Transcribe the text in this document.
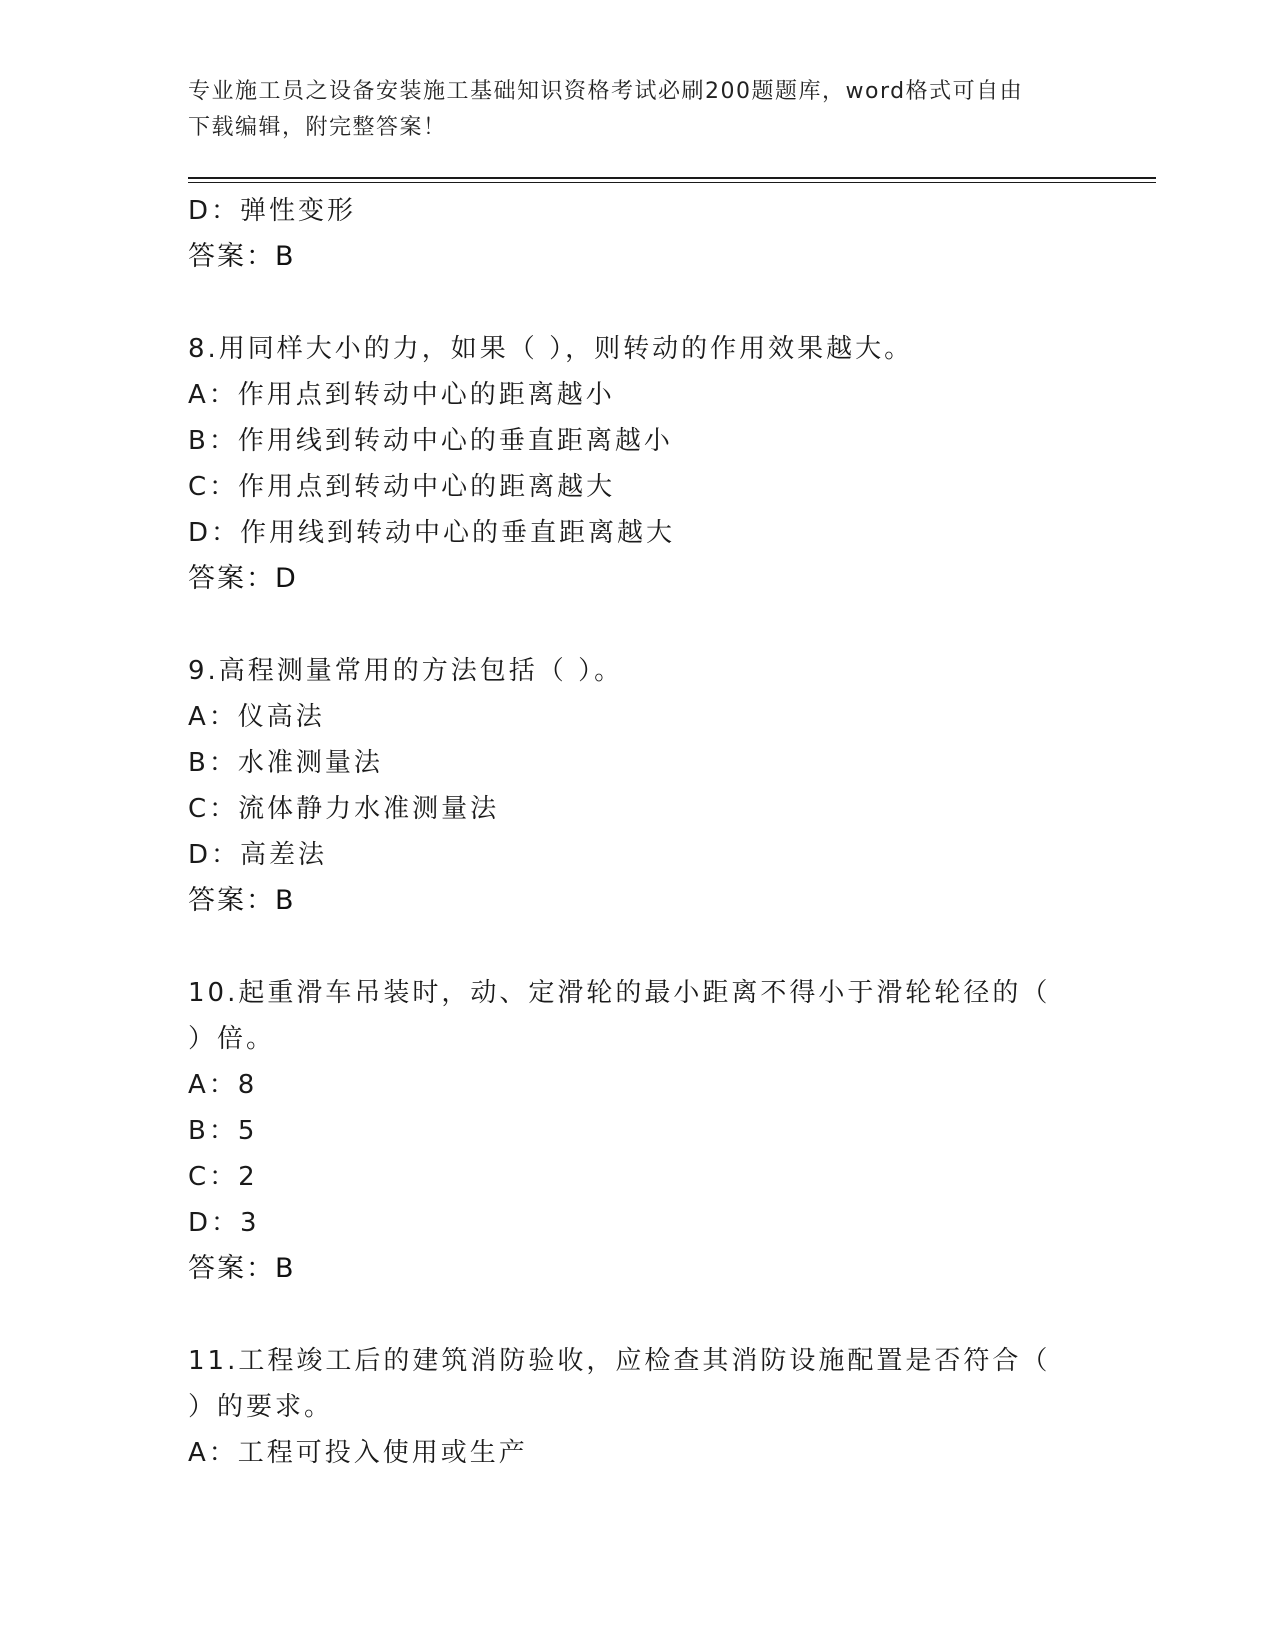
专业施工员之设备安装施工基础知识资格考试必刷200题题库，word格式可自由
下载编辑，附完整答案！
D：弹性变形
答案：B
8.用同样大小的力，如果（ ），则转动的作用效果越大。
A：作用点到转动中心的距离越小
B：作用线到转动中心的垂直距离越小
C：作用点到转动中心的距离越大
D：作用线到转动中心的垂直距离越大
答案：D
9.高程测量常用的方法包括（ ）。
A：仪高法
B：水准测量法
C：流体静力水准测量法
D：高差法
答案：B
10.起重滑车吊装时，动、定滑轮的最小距离不得小于滑轮轮径的（
）倍。
A：8
B：5
C：2
D：3
答案：B
11.工程竣工后的建筑消防验收，应检查其消防设施配置是否符合（
）的要求。
A：工程可投入使用或生产
